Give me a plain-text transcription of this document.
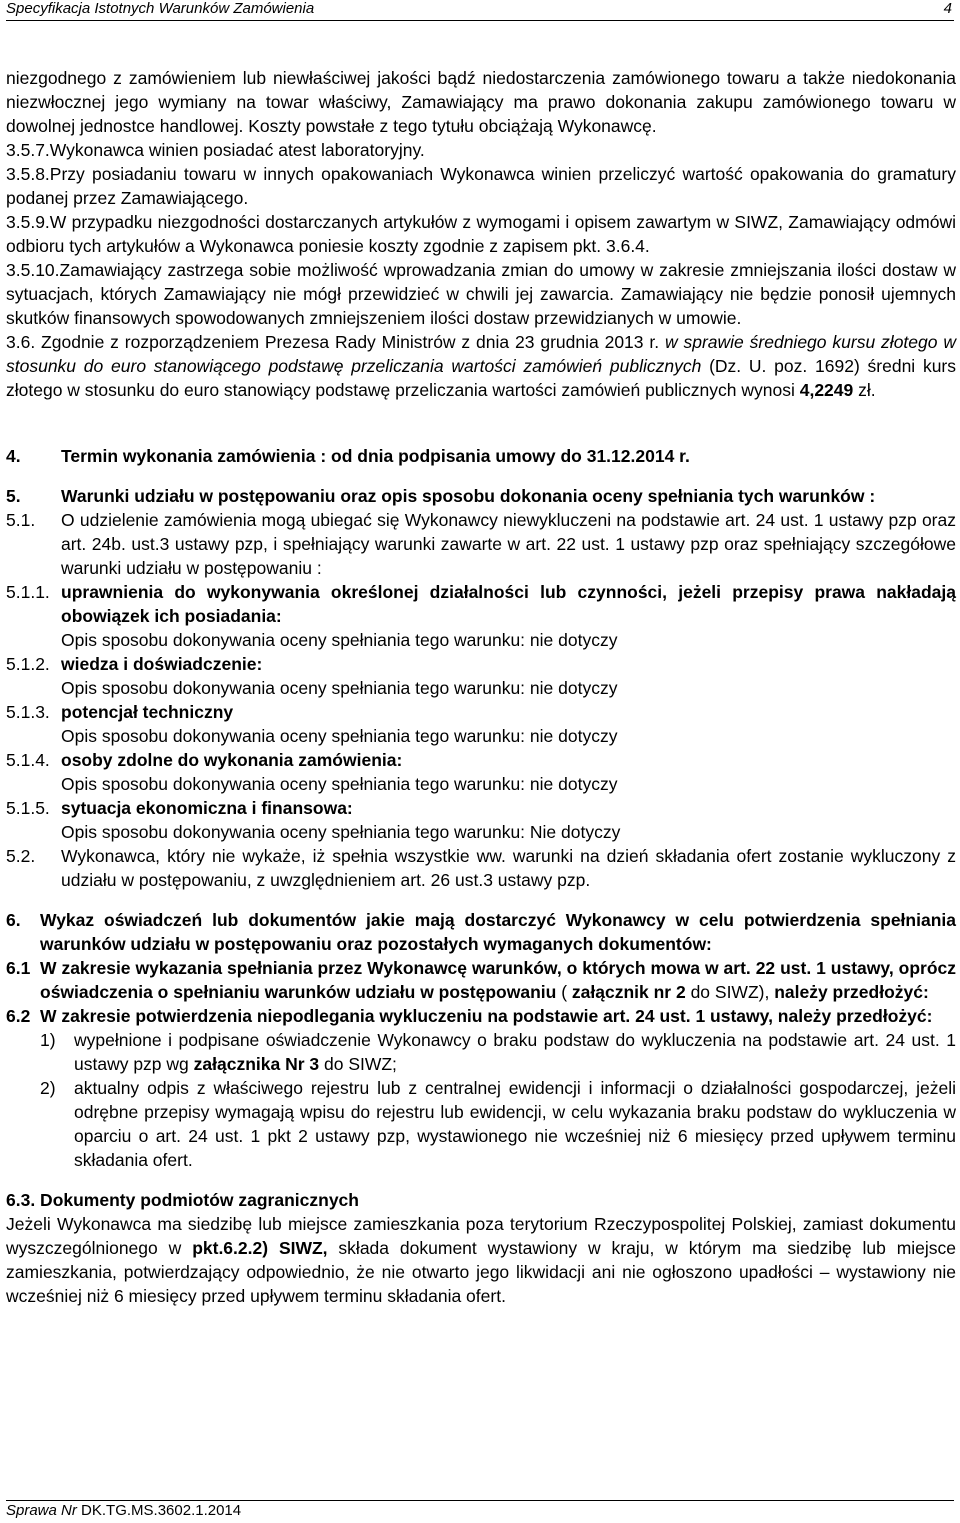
Specyfikacja Istotnych Warunków Zamówienia	4

niezgodnego z zamówieniem lub niewłaściwej jakości bądź niedostarczenia zamówionego towaru a także niedokonania niezwłocznej jego wymiany na towar właściwy, Zamawiający ma prawo dokonania zakupu zamówionego towaru w dowolnej jednostce handlowej. Koszty powstałe z tego tytułu obciążają Wykonawcę.

3.5.7.Wykonawca winien posiadać atest laboratoryjny.

3.5.8.Przy posiadaniu towaru w innych opakowaniach Wykonawca winien przeliczyć wartość opakowania do gramatury podanej przez Zamawiającego.

3.5.9.W przypadku niezgodności dostarczanych artykułów z wymogami i opisem zawartym w SIWZ, Zamawiający odmówi odbioru tych artykułów a Wykonawca poniesie koszty zgodnie z zapisem pkt. 3.6.4.

3.5.10.Zamawiający zastrzega sobie możliwość wprowadzania zmian do umowy w zakresie zmniejszania ilości dostaw w sytuacjach, których Zamawiający nie mógł przewidzieć w chwili jej zawarcia. Zamawiający nie będzie ponosił ujemnych skutków finansowych spowodowanych zmniejszeniem ilości dostaw przewidzianych w umowie.

3.6. Zgodnie z rozporządzeniem Prezesa Rady Ministrów z dnia 23 grudnia 2013 r. w sprawie średniego kursu złotego w stosunku do euro stanowiącego podstawę przeliczania wartości zamówień publicznych (Dz. U. poz. 1692) średni kurs złotego w stosunku do euro stanowiący podstawę przeliczania wartości zamówień publicznych wynosi 4,2249 zł.

4.	Termin wykonania zamówienia : od dnia podpisania umowy do 31.12.2014 r.
5.	Warunki udziału w postępowaniu oraz opis sposobu dokonania oceny spełniania tych warunków :
5.1.	O udzielenie zamówienia mogą ubiegać się Wykonawcy niewykluczeni na podstawie art. 24 ust. 1 ustawy pzp oraz art. 24b. ust.3 ustawy pzp, i spełniający warunki zawarte w art. 22 ust. 1 ustawy pzp oraz spełniający szczegółowe warunki udziału w postępowaniu :
5.1.1. uprawnienia do wykonywania określonej działalności lub czynności, jeżeli przepisy prawa nakładają obowiązek ich posiadania:
Opis sposobu dokonywania oceny spełniania tego warunku: nie dotyczy
5.1.2. wiedza i doświadczenie:
Opis sposobu dokonywania oceny spełniania tego warunku: nie dotyczy
5.1.3. potencjał techniczny
Opis sposobu dokonywania oceny spełniania tego warunku: nie dotyczy
5.1.4. osoby zdolne do wykonania zamówienia:
Opis sposobu dokonywania oceny spełniania tego warunku: nie dotyczy
5.1.5. sytuacja ekonomiczna i finansowa:
Opis sposobu dokonywania oceny spełniania tego warunku: Nie dotyczy
5.2.	Wykonawca, który nie wykaże, iż spełnia wszystkie ww. warunki na dzień składania ofert zostanie wykluczony z udziału w postępowaniu, z uwzględnieniem art. 26 ust.3 ustawy pzp.
6.	Wykaz oświadczeń lub dokumentów jakie mają dostarczyć Wykonawcy w celu potwierdzenia spełniania warunków udziału w postępowaniu oraz pozostałych wymaganych dokumentów:
6.1 W zakresie wykazania spełniania przez Wykonawcę warunków, o których mowa w art. 22 ust. 1 ustawy, oprócz oświadczenia o spełnianiu warunków udziału w postępowaniu ( załącznik nr 2 do SIWZ), należy przedłożyć:
6.2 W zakresie potwierdzenia niepodlegania wykluczeniu na podstawie art. 24 ust. 1 ustawy, należy przedłożyć:
1)	wypełnione i podpisane oświadczenie Wykonawcy o braku podstaw do wykluczenia na podstawie art. 24 ust. 1 ustawy pzp wg załącznika Nr 3 do SIWZ;
2)	aktualny odpis z właściwego rejestru lub z centralnej ewidencji i informacji o działalności gospodarczej, jeżeli odrębne przepisy wymagają wpisu do rejestru lub ewidencji, w celu wykazania braku podstaw do wykluczenia w oparciu o art. 24 ust. 1 pkt 2 ustawy pzp, wystawionego nie wcześniej niż 6 miesięcy przed upływem terminu składania ofert.
6.3. Dokumenty podmiotów zagranicznych

Jeżeli Wykonawca ma siedzibę lub miejsce zamieszkania poza terytorium Rzeczypospolitej Polskiej, zamiast dokumentu wyszczególnionego w pkt.6.2.2) SIWZ, składa dokument wystawiony w kraju, w którym ma siedzibę lub miejsce zamieszkania, potwierdzający odpowiednio, że nie otwarto jego likwidacji ani nie ogłoszono upadłości – wystawiony nie wcześniej niż 6 miesięcy przed upływem terminu składania ofert.

Sprawa Nr DK.TG.MS.3602.1.2014
